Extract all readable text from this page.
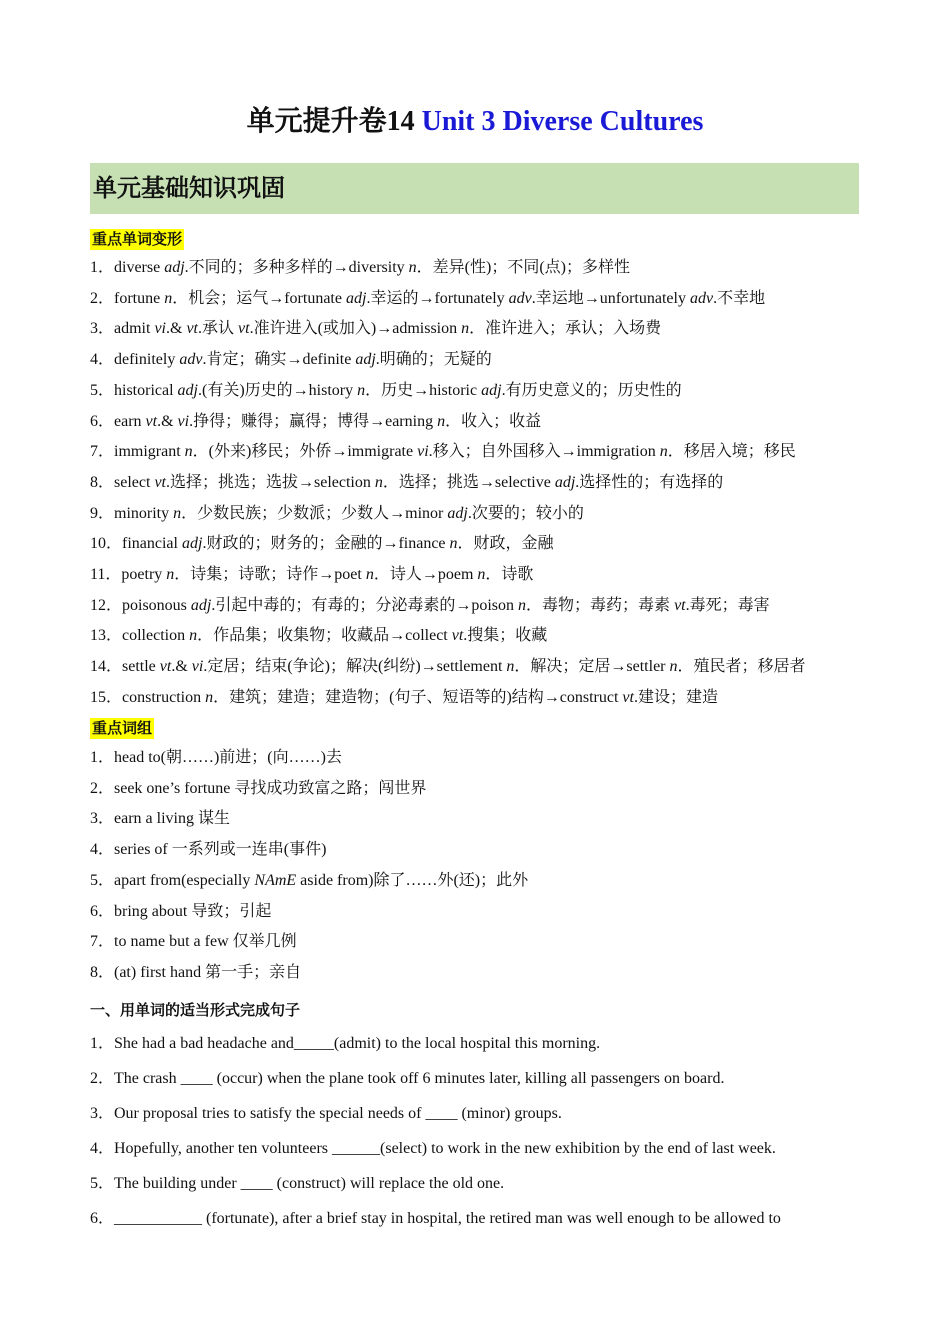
单元提升卷14 Unit 3 Diverse Cultures
单元基础知识巩固
重点单词变形
1．diverse adj.不同的；多种多样的→diversity n．差异(性)；不同(点)；多样性
2．fortune n．机会；运气→fortunate adj.幸运的→fortunately adv.幸运地→unfortunately adv.不幸地
3．admit vi.& vt.承认 vt.准许进入(或加入)→admission n．准许进入；承认；入场费
4．definitely adv.肯定；确实→definite adj.明确的；无疑的
5．historical adj.(有关)历史的→history n．历史→historic adj.有历史意义的；历史性的
6．earn vt.& vi.挣得；赚得；赢得；博得→earning n．收入；收益
7．immigrant n．(外来)移民；外侨→immigrate vi.移入；自外国移入→immigration n．移居入境；移民
8．select vt.选择；挑选；选拔→selection n．选择；挑选→selective adj.选择性的；有选择的
9．minority n．少数民族；少数派；少数人→minor adj.次要的；较小的
10．financial adj.财政的；财务的；金融的→finance n．财政，金融
11．poetry n．诗集；诗歌；诗作→poet n．诗人→poem n．诗歌
12．poisonous adj.引起中毒的；有毒的；分泌毒素的→poison n．毒物；毒药；毒素 vt.毒死；毒害
13．collection n．作品集；收集物；收藏品→collect vt.搜集；收藏
14．settle vt.& vi.定居；结束(争论)；解决(纠纷)→settlement n．解决；定居→settler n．殖民者；移居者
15．construction n．建筑；建造；建造物；(句子、短语等的)结构→construct vt.建设；建造
重点词组
1．head to(朝……)前进；(向……)去
2．seek one’s fortune 寻找成功致富之路；闯世界
3．earn a living 谋生
4．series of 一系列或一连串(事件)
5．apart from(especially NAmE aside from)除了……外(还)；此外
6．bring about 导致；引起
7．to name but a few 仅举几例
8．(at) first hand 第一手；亲自
一、用单词的适当形式完成句子
1．She had a bad headache and_____(admit) to the local hospital this morning.
2．The crash ____ (occur) when the plane took off 6 minutes later, killing all passengers on board.
3．Our proposal tries to satisfy the special needs of ____ (minor) groups.
4．Hopefully, another ten volunteers ______(select) to work in the new exhibition by the end of last week.
5．The building under ____ (construct) will replace the old one.
6．___________ (fortunate), after a brief stay in hospital, the retired man was well enough to be allowed to
